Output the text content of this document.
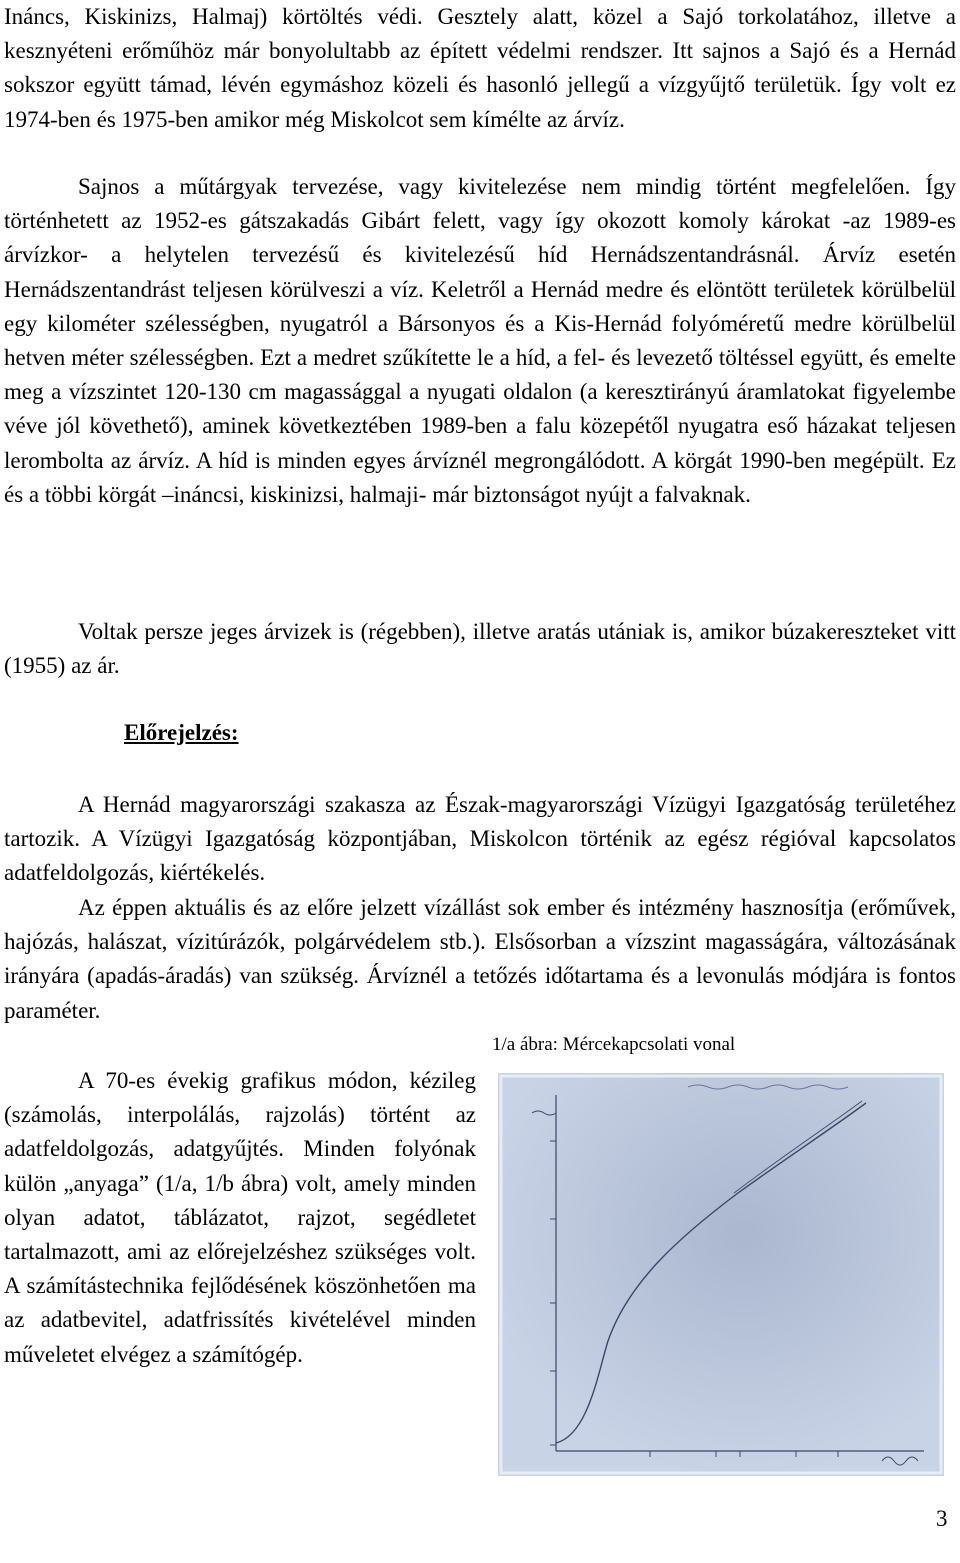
Ináncs, Kiskinizs, Halmaj) körtöltés védi. Gesztely alatt, közel a Sajó torkolatához, illetve a kesznyéteni erőműhöz már bonyolultabb az épített védelmi rendszer. Itt sajnos a Sajó és a Hernád sokszor együtt támad, lévén egymáshoz közeli és hasonló jellegű a vízgyűjtő területük. Így volt ez 1974-ben és 1975-ben amikor még Miskolcot sem kímélte az árvíz.

Sajnos a műtárgyak tervezése, vagy kivitelezése nem mindig történt megfelelően. Így történhetett az 1952-es gátszakadás Gibárt felett, vagy így okozott komoly károkat -az 1989-es árvízkor- a helytelen tervezésű és kivitelezésű híd Hernádszentandrásnál. Árvíz esetén Hernádszentandrást teljesen körülveszi a víz. Keletről a Hernád medre és elöntött területek körülbelül egy kilométer szélességben, nyugatról a Bársonyos és a Kis-Hernád folyóméretű medre körülbelül hetven méter szélességben. Ezt a medret szűkítette le a híd, a fel- és levezető töltéssel együtt, és emelte meg a vízszintet 120-130 cm magassággal a nyugati oldalon (a keresztirányú áramlatokat figyelembe véve jól követhető), aminek következtében 1989-ben a falu közepétől nyugatra eső házakat teljesen lerombolta az árvíz. A híd is minden egyes árvíznél megrongálódott. A körgát 1990-ben megépült. Ez és a többi körgát –ináncsi, kiskinizsi, halmaji- már biztonságot nyújt a falvaknak.

Voltak persze jeges árvizek is (régebben), illetve aratás utániak is, amikor búzakereszteket vitt (1955) az ár.

Előrejelzés:

A Hernád magyarországi szakasza az Észak-magyarországi Vízügyi Igazgatóság területéhez tartozik. A Vízügyi Igazgatóság központjában, Miskolcon történik az egész régióval kapcsolatos adatfeldolgozás, kiértékelés.

Az éppen aktuális és az előre jelzett vízállást sok ember és intézmény hasznosítja (erőművek, hajózás, halászat, vízitúrázók, polgárvédelem stb.). Elsősorban a vízszint magasságára, változásának irányára (apadás-áradás) van szükség. Árvíznél a tetőzés időtartama és a levonulás módjára is fontos paraméter.

1/a ábra: Mércekapcsolati vonal

A 70-es évekig grafikus módon, kézileg (számolás, interpolálás, rajzolás) történt az adatfeldolgozás, adatgyűjtés. Minden folyónak külön „anyaga” (1/a, 1/b ábra) volt, amely minden olyan adatot, táblázatot, rajzot, segédletet tartalmazott, ami az előrejelzéshez szükséges volt. A számítástechnika fejlődésének köszönhetően ma az adatbevitel, adatfrissítés kivételével minden műveletet elvégez a számítógép.

3
